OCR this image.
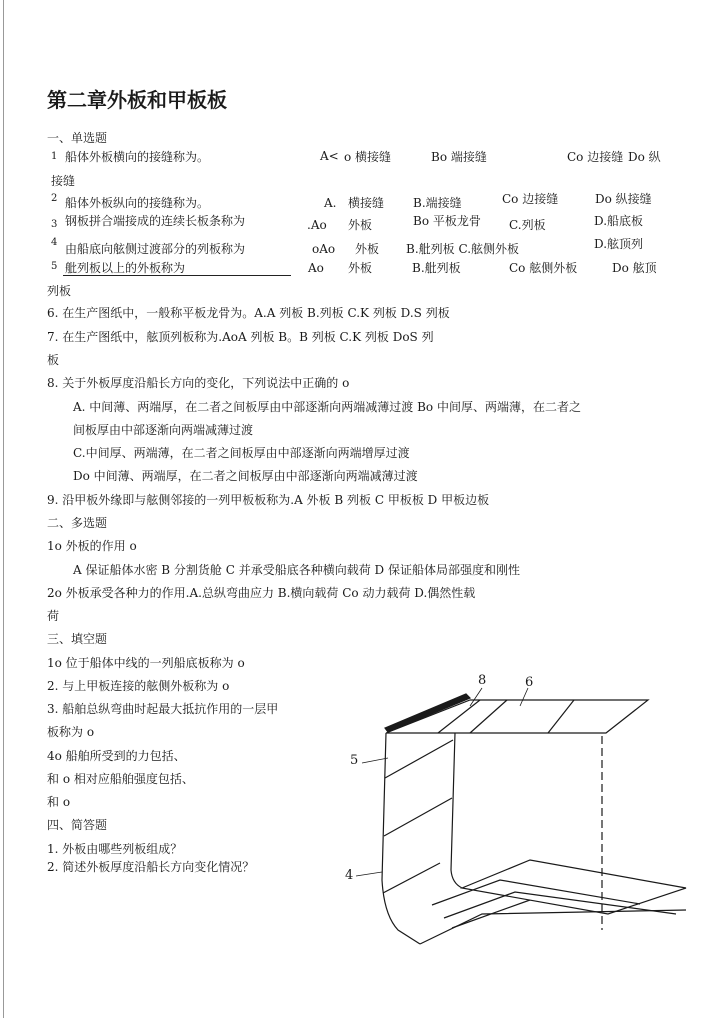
第二章外板和甲板板
一、单选题
1 船体外板横向的接缝称为。	A< o 横接缝	Bo 端接缝	Co 边接缝 Do 纵
接缝
2 船体外板纵向的接缝称为。	A. 横接缝 B.端接缝	Co 边接缝	Do 纵接缝
3 钢板拼合端接成的连续长板条称为	.Ao 外板	Bo 平板龙骨 C.列板	D.船底板
4 由船底向舷侧过渡部分的列板称为	oAo 外板 B.舭列板 C.舷侧外板	D.舷顶列
5 舭列板以上的外板称为	Ao 外板	B.舭列板	Co 舷侧外板	Do 舷顶
列板
6. 在生产图纸中，一般称平板龙骨为。A.A 列板 B.列板 C.K 列板 D.S 列板
7. 在生产图纸中，舷顶列板称为.AoA 列板 B。B 列板 C.K 列板 DoS 列
板
8. 关于外板厚度沿船长方向的变化，下列说法中正确的 o
A. 中间薄、两端厚，在二者之间板厚由中部逐渐向两端减薄过渡 Bo 中间厚、两端薄，在二者之
间板厚由中部逐渐向两端减薄过渡
C.中间厚、两端薄，在二者之间板厚由中部逐渐向两端增厚过渡
Do 中间薄、两端厚，在二者之间板厚由中部逐渐向两端减薄过渡
9. 沿甲板外缘即与舷侧邻接的一列甲板板称为.A 外板 B 列板 C 甲板板 D 甲板边板
二、多选题
1o 外板的作用 o
A 保证船体水密 B 分割货舱 C 并承受船底各种横向载荷 D 保证船体局部强度和刚性
2o 外板承受各种力的作用.A.总纵弯曲应力 B.横向载荷 Co 动力载荷 D.偶然性载
荷
三、填空题
1o 位于船体中线的一列船底板称为 o
2. 与上甲板连接的舷侧外板称为 o
3. 船舶总纵弯曲时起最大抵抗作用的一层甲
板称为 o
4o 船舶所受到的力包括、
和 o 相对应船舶强度包括、
和 o
四、简答题
1. 外板由哪些列板组成？
2. 简述外板厚度沿船长方向变化情况？
8	6
5
4
